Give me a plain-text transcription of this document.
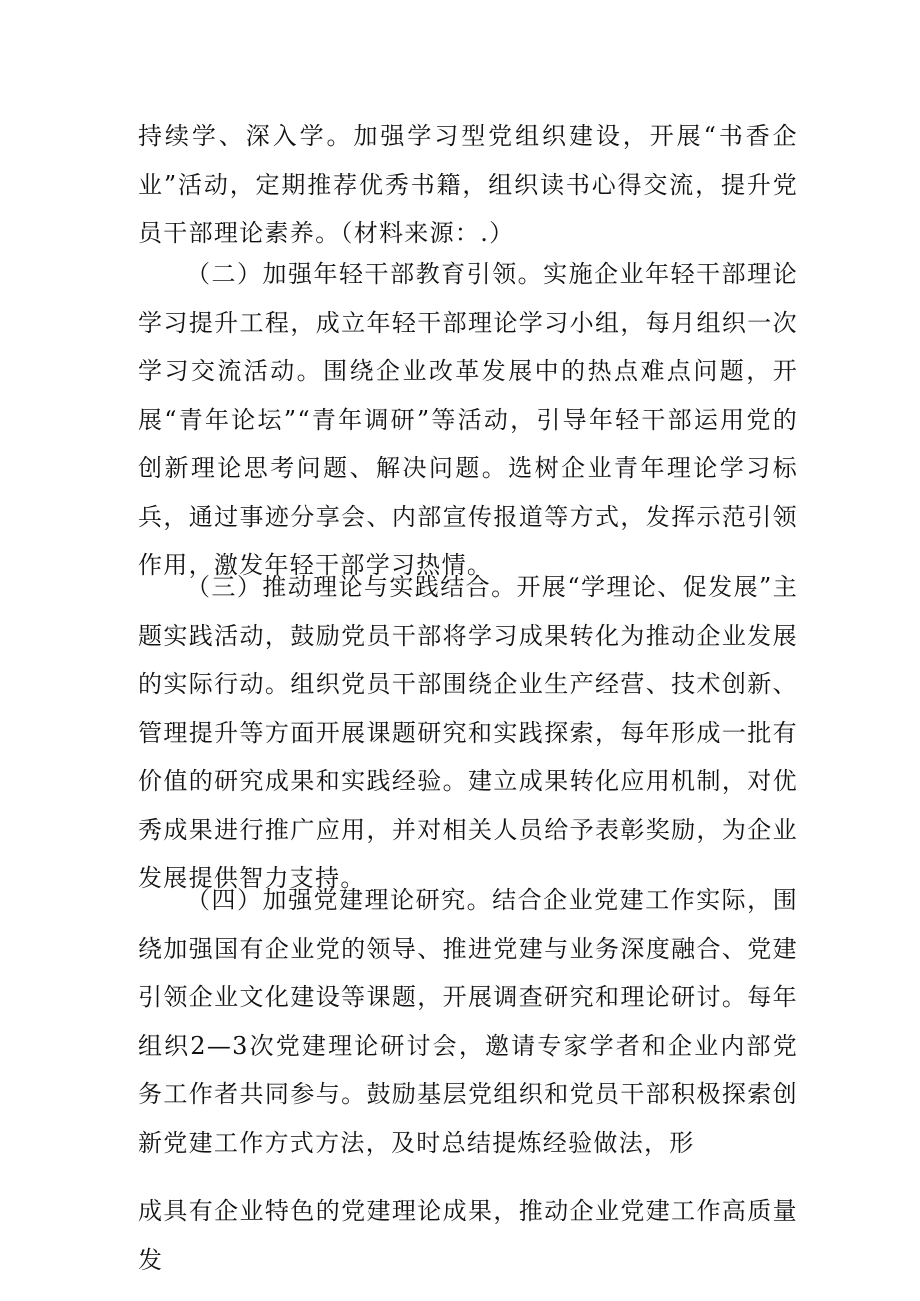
持续学、深入学。加强学习型党组织建设，开展“书香企业”活动，定期推荐优秀书籍，组织读书心得交流，提升党员干部理论素养。（材料来源：.）

（二）加强年轻干部教育引领。实施企业年轻干部理论学习提升工程，成立年轻干部理论学习小组，每月组织一次学习交流活动。围绕企业改革发展中的热点难点问题，开展“青年论坛”“青年调研”等活动，引导年轻干部运用党的创新理论思考问题、解决问题。选树企业青年理论学习标兵，通过事迹分享会、内部宣传报道等方式，发挥示范引领作用，激发年轻干部学习热情。

（三）推动理论与实践结合。开展“学理论、促发展”主题实践活动，鼓励党员干部将学习成果转化为推动企业发展的实际行动。组织党员干部围绕企业生产经营、技术创新、管理提升等方面开展课题研究和实践探索，每年形成一批有价值的研究成果和实践经验。建立成果转化应用机制，对优秀成果进行推广应用，并对相关人员给予表彰奖励，为企业发展提供智力支持。

（四）加强党建理论研究。结合企业党建工作实际，围绕加强国有企业党的领导、推进党建与业务深度融合、党建引领企业文化建设等课题，开展调查研究和理论研讨。每年组织2—3次党建理论研讨会，邀请专家学者和企业内部党务工作者共同参与。鼓励基层党组织和党员干部积极探索创新党建工作方式方法，及时总结提炼经验做法，形

成具有企业特色的党建理论成果，推动企业党建工作高质量发
